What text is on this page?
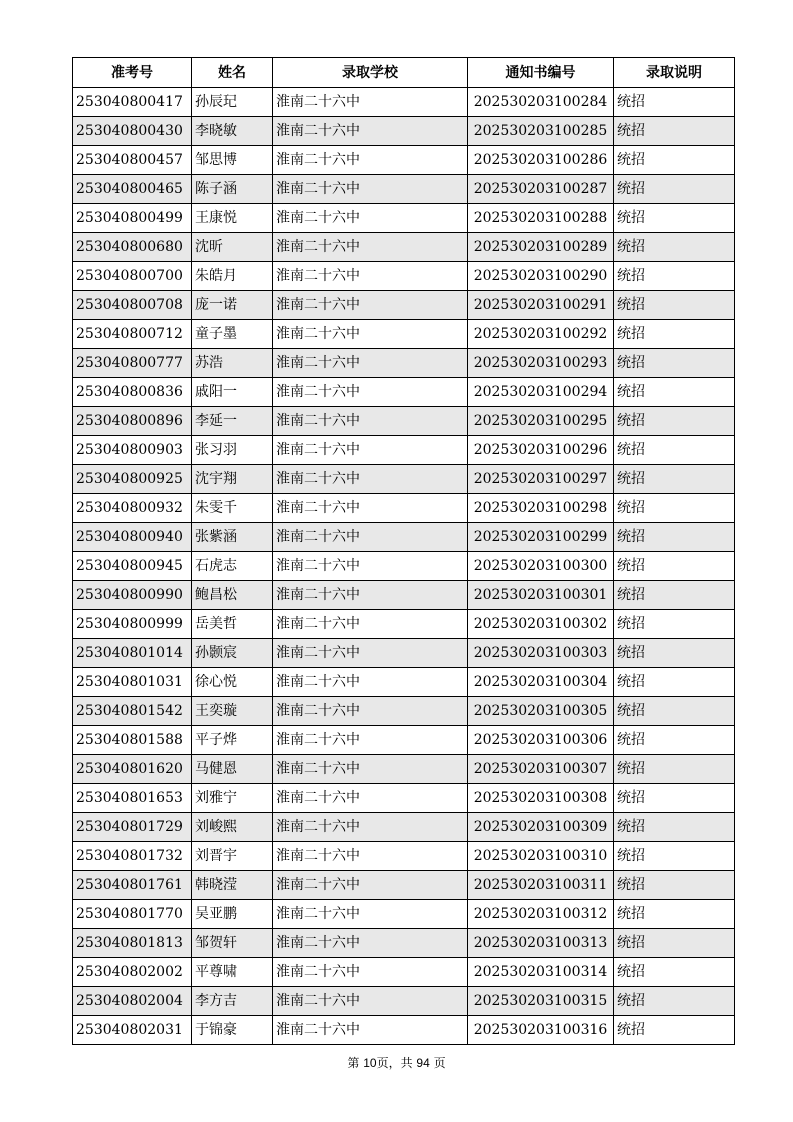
准考号	姓名	录取学校	通知书编号	录取说明
253040800417	孙辰玘	淮南二十六中	20253020310028​4	统招
253040800430	李晓敏	淮南二十六中	202530203100285	统招
253040800457	邹思博	淮南二十六中	202530203100286	统招
253040800465	陈子涵	淮南二十六中	202530203100287	统招
253040800499	王康悦	淮南二十六中	202530203100288	统招
253040800680	沈昕	淮南二十六中	202530203100289	统招
253040800700	朱皓月	淮南二十六中	202530203100290	统招
253040800708	庞一诺	淮南二十六中	202530203100291	统招
253040800712	童子墨	淮南二十六中	202530203100292	统招
253040800777	苏浩	淮南二十六中	202530203100293	统招
253040800836	戚阳一	淮南二十六中	202530203100294	统招
253040800896	李延一	淮南二十六中	202530203100295	统招
253040800903	张习羽	淮南二十六中	202530203100296	统招
253040800925	沈宇翔	淮南二十六中	202530203100297	统招
253040800932	朱雯千	淮南二十六中	202530203100298	统招
253040800940	张紫涵	淮南二十六中	202530203100299	统招
253040800945	石虎志	淮南二十六中	202530203100300	统招
253040800990	鲍昌松	淮南二十六中	202530203100301	统招
253040800999	岳美哲	淮南二十六中	202530203100302	统招
253040801014	孙颢宸	淮南二十六中	202530203100303	统招
253040801031	徐心悦	淮南二十六中	202530203100304	统招
253040801542	王奕璇	淮南二十六中	202530203100305	统招
253040801588	平子烨	淮南二十六中	202530203100306	统招
253040801620	马健恩	淮南二十六中	202530203100307	统招
253040801653	刘雅宁	淮南二十六中	202530203100308	统招
253040801729	刘峻熙	淮南二十六中	202530203100309	统招
253040801732	刘晋宇	淮南二十六中	202530203100310	统招
253040801761	韩晓滢	淮南二十六中	202530203100311	统招
253040801770	吴亚鹏	淮南二十六中	202530203100312	统招
253040801813	邹贺轩	淮南二十六中	202530203100313	统招
253040802002	平尊啸	淮南二十六中	202530203100314	统招
253040802004	李方吉	淮南二十六中	202530203100315	统招
253040802031	于锦豪	淮南二十六中	202530203100316	统招
第 10页，共 94 页
